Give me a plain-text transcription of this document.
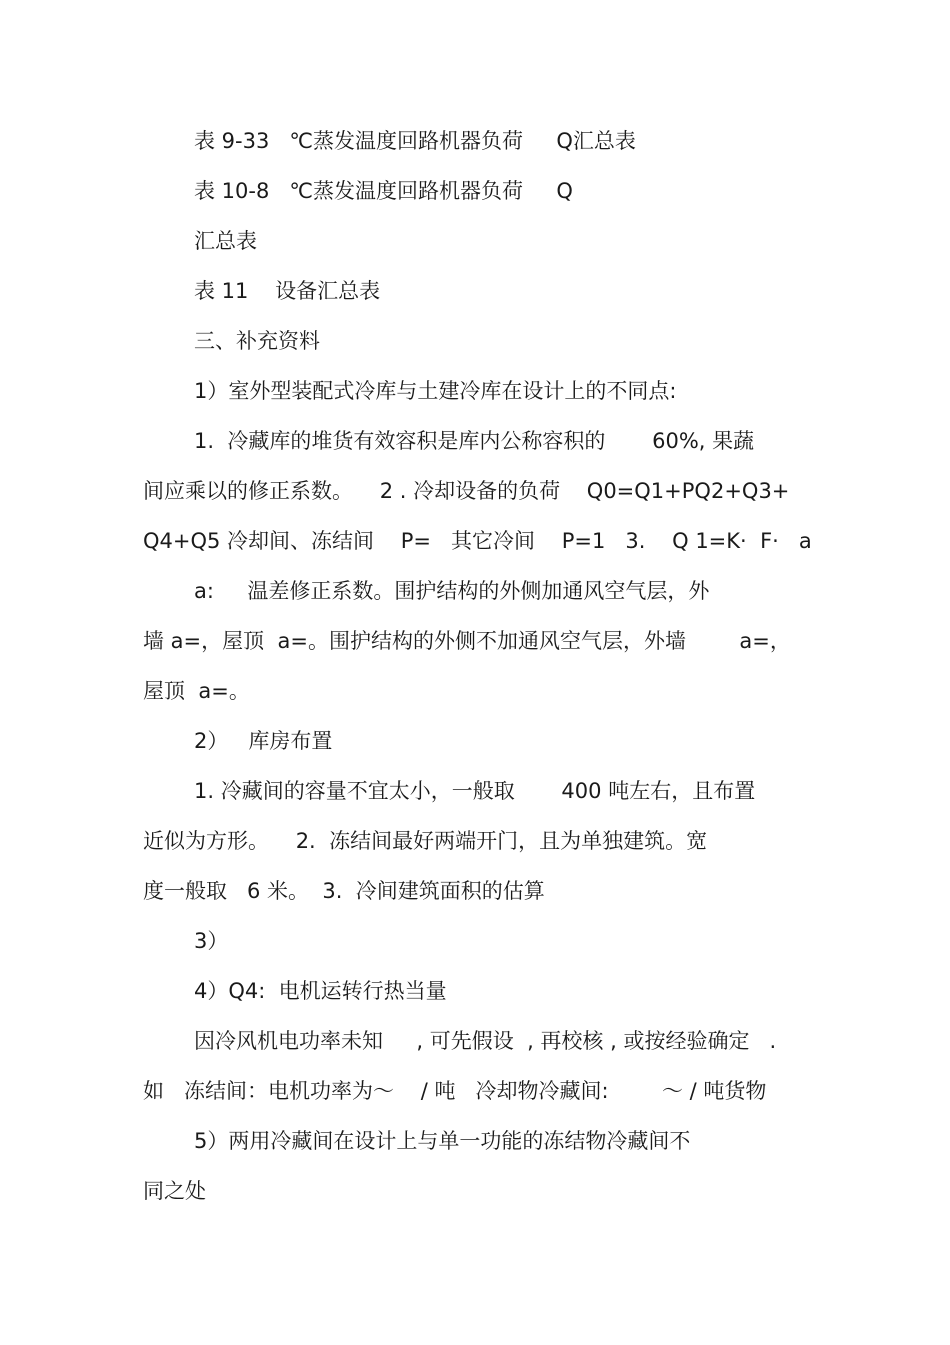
表 9-33   ℃蒸发温度回路机器负荷     Q汇总表
表 10-8   ℃蒸发温度回路机器负荷     Q
汇总表
表 11    设备汇总表
三、补充资料
1）室外型装配式冷库与土建冷库在设计上的不同点:
1.  冷藏库的堆货有效容积是库内公称容积的       60%, 果蔬
间应乘以的修正系数。    2 . 冷却设备的负荷    Q0=Q1+PQ2+Q3+
Q4+Q5 冷却间、冻结间    P=   其它冷间    P=1   3.    Q 1=K·  F·   a
a:     温差修正系数。围护结构的外侧加通风空气层，外
墙 a=，屋顶  a=。围护结构的外侧不加通风空气层，外墙        a=，
屋顶  a=。
2）   库房布置
1. 冷藏间的容量不宜太小，一般取       400 吨左右，且布置
近似为方形。    2.  冻结间最好两端开门，且为单独建筑。宽
度一般取   6 米。  3.  冷间建筑面积的估算
3）
4）Q4:  电机运转行热当量
因冷风机电功率未知     , 可先假设  , 再校核 , 或按经验确定   .
如   冻结间：电机功率为～    / 吨   冷却物冷藏间:        ～ / 吨货物
5）两用冷藏间在设计上与单一功能的冻结物冷藏间不
同之处
